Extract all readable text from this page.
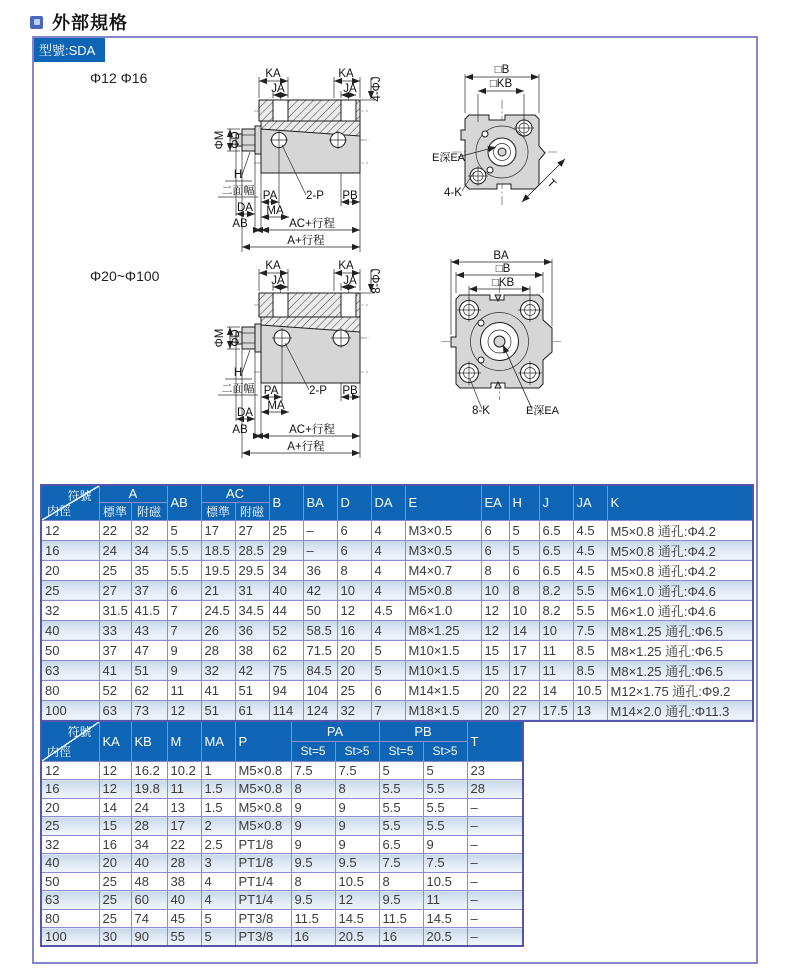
外部規格
型號:SDA
Φ12 Φ16	KA
JA
KA
JA 4-ΦJ
ΦM ΦD
H
二面幅 PA	2-P PB
MA
DA
AB	AC+行程
A+行程
□B
□KB
E深EA
4-K
T
Φ20~Φ100
KA
JA
KA
JA 8-ΦJ
ΦM ΦD
H
二面幅 PA	2-P PB
MA
DA
AB	AC+行程
A+行程
BA
□B
□KB
8-K	E深EA
符號
内徑	A		AB	AC		B	BA	D	DA	E	EA	H	J	JA	K
	標準	附磁		標準	附磁										
12	22	32	5	17	27	25	–	6	4	M3×0.5	6	5	6.5	4.5	M5×0.8 通孔:Φ4.2
16	24	34	5.5	18.5	28.5	29	–	6	4	M3×0.5	6	5	6.5	4.5	M5×0.8 通孔:Φ4.2
20	25	35	5.5	19.5	29.5	34	36	8	4	M4×0.7	8	6	6.5	4.5	M5×0.8 通孔:Φ4.2
25	27	37	6	21	31	40	42	10	4	M5×0.8	10	8	8.2	5.5	M6×1.0 通孔:Φ4.6
32	31.5	41.5	7	24.5	34.5	44	50	12	4.5	M6×1.0	12	10	8.2	5.5	M6×1.0 通孔:Φ4.6
40	33	43	7	26	36	52	58.5	16	4	M8×1.25	12	14	10	7.5	M8×1.25 通孔:Φ6.5
50	37	47	9	28	38	62	71.5	20	5	M10×1.5	15	17	11	8.5	M8×1.25 通孔:Φ6.5
63	41	51	9	32	42	75	84.5	20	5	M10×1.5	15	17	11	8.5	M8×1.25 通孔:Φ6.5
80	52	62	11	41	51	94	104	25	6	M14×1.5	20	22	14	10.5	M12×1.75 通孔:Φ9.2
100	63	73	12	51	61	114	124	32	7	M18×1.5	20	27	17.5	13	M14×2.0 通孔:Φ11.3
符號
内徑	KA	KB	M	MA	P	PA		PB		T
						St=5	St>5	St=5	St>5	
12	12	16.2	10.2	1	M5×0.8	7.5	7.5	5	5	23
16	12	19.8	11	1.5	M5×0.8	8	8	5.5	5.5	28
20	14	24	13	1.5	M5×0.8	9	9	5.5	5.5	–
25	15	28	17	2	M5×0.8	9	9	5.5	5.5	–
32	16	34	22	2.5	PT1/8	9	9	6.5	9	–
40	20	40	28	3	PT1/8	9.5	9.5	7.5	7.5	–
50	25	48	38	4	PT1/4	8	10.5	8	10.5	–
63	25	60	40	4	PT1/4	9.5	12	9.5	11	–
80	25	74	45	5	PT3/8	11.5	14.5	11.5	14.5	–
100	30	90	55	5	PT3/8	16	20.5	16	20.5	–
